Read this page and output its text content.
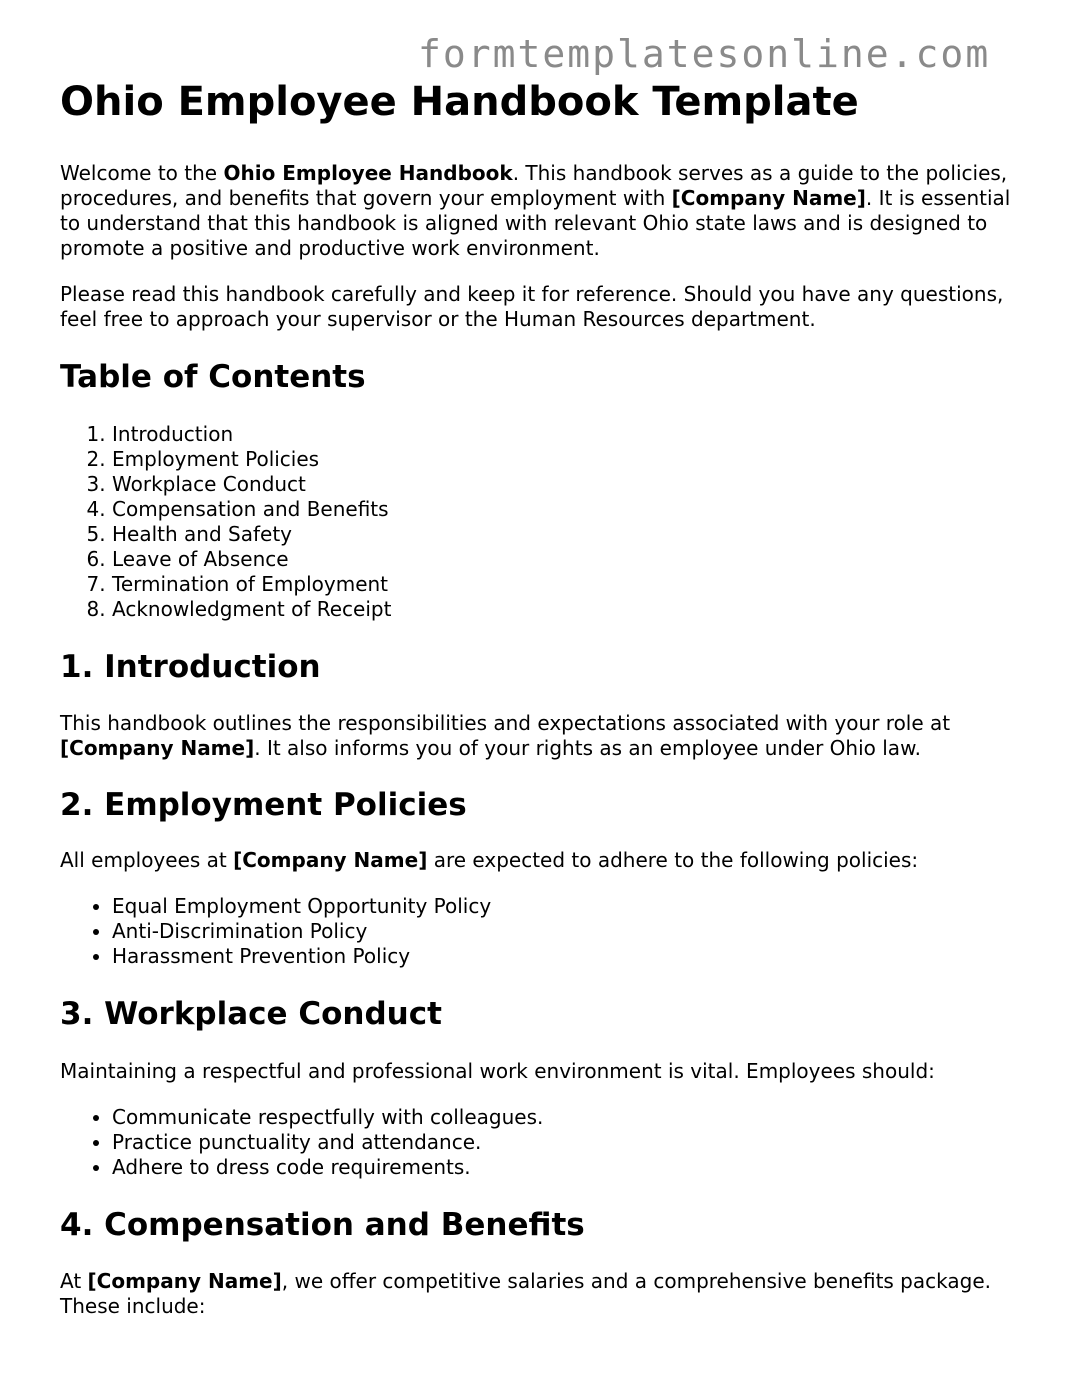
formtemplatesonline.com
Ohio Employee Handbook Template

Welcome to the Ohio Employee Handbook. This handbook serves as a guide to the policies, procedures, and benefits that govern your employment with [Company Name]. It is essential to understand that this handbook is aligned with relevant Ohio state laws and is designed to promote a positive and productive work environment.

Please read this handbook carefully and keep it for reference. Should you have any questions, feel free to approach your supervisor or the Human Resources department.

Table of Contents
1. Introduction
2. Employment Policies
3. Workplace Conduct
4. Compensation and Benefits
5. Health and Safety
6. Leave of Absence
7. Termination of Employment
8. Acknowledgment of Receipt
1. Introduction

This handbook outlines the responsibilities and expectations associated with your role at [Company Name]. It also informs you of your rights as an employee under Ohio law.

2. Employment Policies

All employees at [Company Name] are expected to adhere to the following policies:

• Equal Employment Opportunity Policy
• Anti-Discrimination Policy
• Harassment Prevention Policy
3. Workplace Conduct

Maintaining a respectful and professional work environment is vital. Employees should:

• Communicate respectfully with colleagues.
• Practice punctuality and attendance.
• Adhere to dress code requirements.
4. Compensation and Benefits

At [Company Name], we offer competitive salaries and a comprehensive benefits package. These include:
